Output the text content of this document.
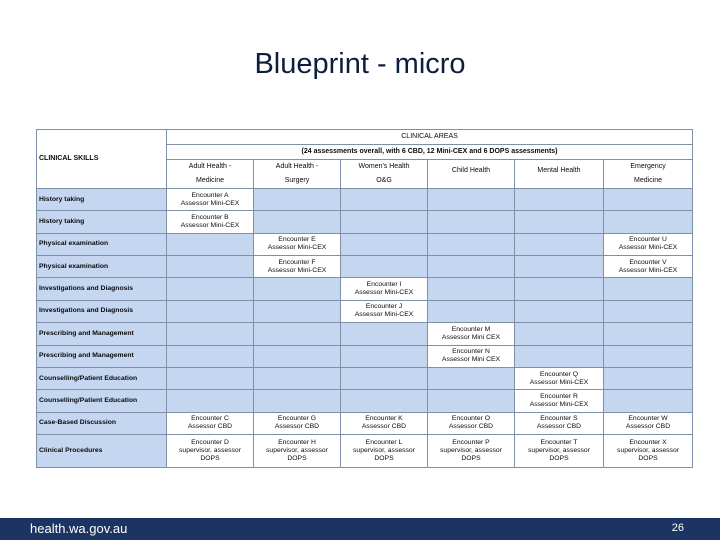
Blueprint - micro
CLINICAL SKILLS	CLINICAL AREAS					

	(24 assessments overall, with 6 CBD, 12 Mini-CEX and 6 DOPS assessments)					

	Adult Health -
Medicine	Adult Health -
Surgery	Women's Health
O&G	Child Health	Mental Health	Emergency
Medicine

History taking	Encounter A
Assessor Mini-CEX					

History taking	Encounter B
Assessor Mini-CEX					

Physical examination		Encounter E
Assessor Mini-CEX				Encounter U
Assessor Mini-CEX

Physical examination		Encounter F
Assessor Mini-CEX				Encounter V
Assessor Mini-CEX

Investigations and Diagnosis			Encounter I
Assessor Mini-CEX			

Investigations and Diagnosis			Encounter J
Assessor Mini-CEX			

Prescribing and Management				Encounter M
Assessor Mini CEX		

Prescribing and Management				Encounter N
Assessor Mini CEX		

Counselling/Patient Education					Encounter Q
Assessor Mini-CEX	

Counselling/Patient Education					Encounter R
Assessor Mini-CEX	

Case-Based Discussion	Encounter C
Assessor CBD	Encounter G
Assessor CBD	Encounter K
Assessor CBD	Encounter O
Assessor CBD	Encounter S
Assessor CBD	Encounter W
Assessor CBD

Clinical Procedures	Encounter D
supervisor, assessor
DOPS	Encounter H
supervisor, assessor
DOPS	Encounter L
supervisor, assessor
DOPS	Encounter P
supervisor, assessor
DOPS	Encounter T
supervisor, assessor
DOPS	Encounter X
supervisor, assessor
DOPS
health.wa.gov.au	26
